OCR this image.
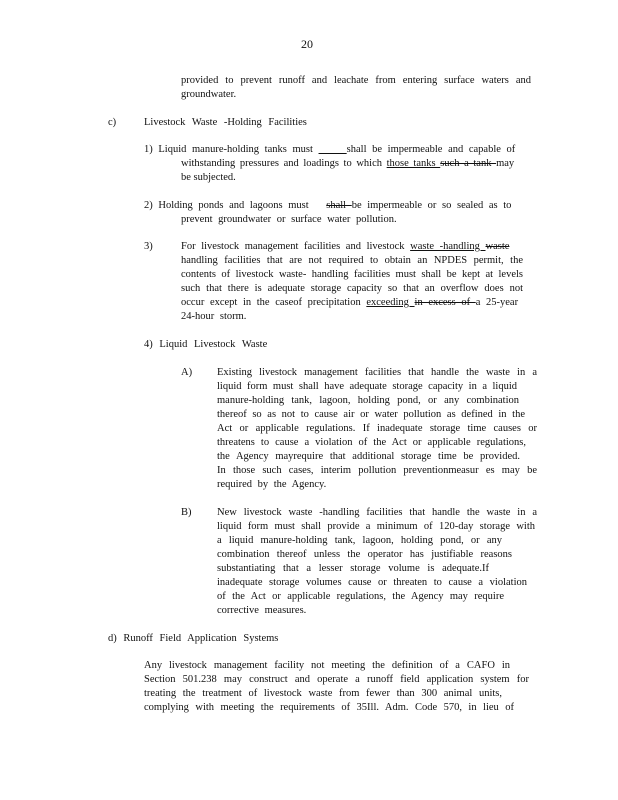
20
provided to prevent runoff and leachate from entering surface waters and
groundwater.
c)	Livestock Waste -Holding Facilities
1) Liquid manure-holding tanks must	shall be impermeable and capable of
withstanding pressures and loadings to which those tanks such a tank may
be subjected.
2) Holding ponds and lagoons must shall be impermeable or so sealed as to
prevent groundwater or surface water pollution.
3)	For livestock management facilities and livestock waste -handling waste
handling facilities that are not required to obtain an NPDES permit, the
contents of livestock waste- handling facilities must shall be kept at levels
such that there is adequate storage capacity so that an overflow does not
occur except in the caseof precipitation exceeding in excess of a 25-year
24-hour storm.
4) Liquid Livestock Waste
A) Existing livestock management facilities that handle the waste in a
liquid form must shall have adequate storage capacity in a liquid
manure-holding tank, lagoon, holding pond, or any combination
thereof so as not to cause air or water pollution as defined in the
Act or applicable regulations. If inadequate storage time causes or
threatens to cause a violation of the Act or applicable regulations,
the Agency mayrequire that additional storage time be provided.
In those such cases, interim pollution preventionmeasur es may be
required by the Agency.
B) New livestock waste -handling facilities that handle the waste in a
liquid form must shall provide a minimum of 120-day storage with
a liquid manure-holding tank, lagoon, holding pond, or any
combination thereof unless the operator has justifiable reasons
substantiating that a lesser storage volume is adequate.If
inadequate storage volumes cause or threaten to cause a violation
of the Act or applicable regulations, the Agency may require
corrective measures.
d) Runoff Field Application Systems
Any livestock management facility not meeting the definition of a CAFO in
Section 501.238 may construct and operate a runoff field application system for
treating the treatment of livestock waste from fewer than 300 animal units,
complying with meeting the requirements of 35Ill. Adm. Code 570, in lieu of
